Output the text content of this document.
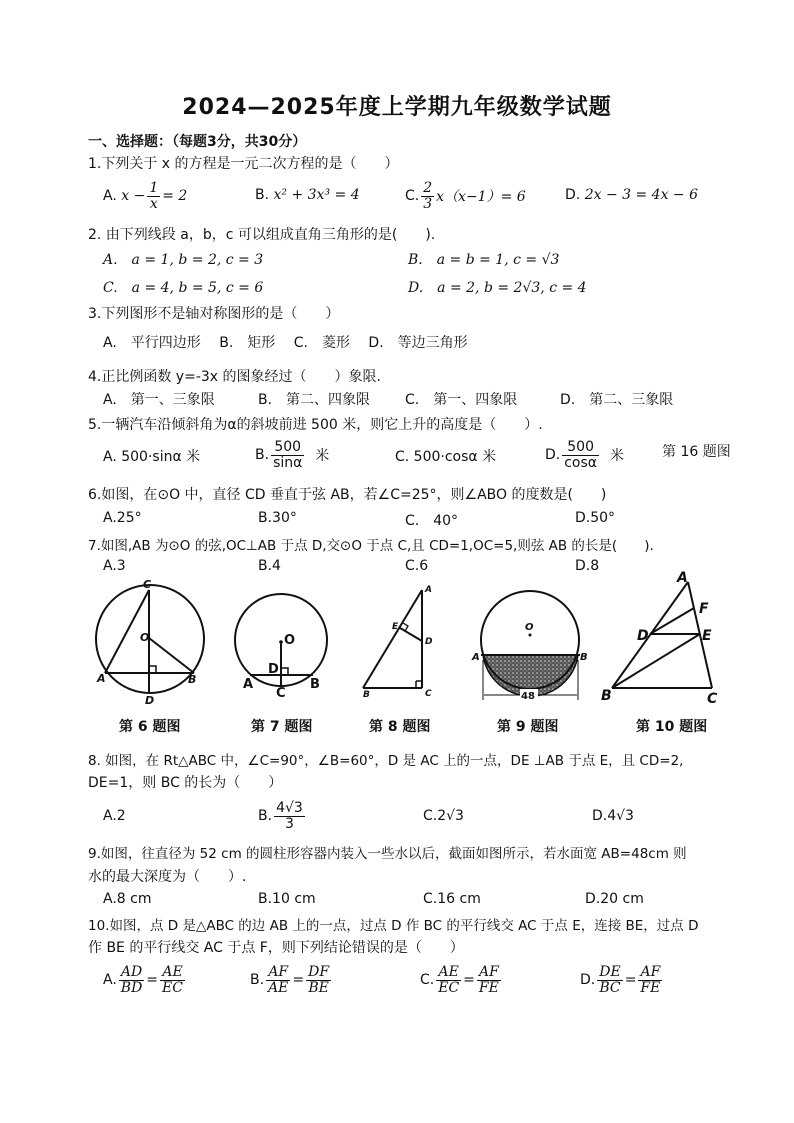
2024—2025年度上学期九年级数学试题
一、选择题：（每题3分，共30分）
1.下列关于 x 的方程是一元二次方程的是（　　）
A.
$x - \frac{1}{x} = 2$	B. x² + 3x³ = 4	C. $\frac{2}{3} x(x-1)= 6$	D. 2x − 3 = 4x − 6
2. 由下列线段 a，b，c 可以组成直角三角形的是(　　).
A.　a = 1, b = 2, c = 3	B.　a = b = 1, c = √3
C.　a = 4, b = 5, c = 6	D.　a = 2, b = 2√3, c = 4
3.下列图形不是轴对称图形的是（　　）
A.　平行四边形　 B.　矩形　 C.　菱形　 D.　等边三角形
4.正比例函数 y=-3x 的图象经过（　　）象限.
A.　第一、三象限	B.　第二、四象限 C.　第一、四象限	D.　第二、三象限
5.一辆汽车沿倾斜角为α的斜坡前进 500 米，则它上升的高度是（　　）.
A. 500·sinα 米	B. $\frac{500}{\sin\alpha}$
米	C. 500·cosα 米	D. $\frac{500}{\cos\alpha}$
米	第 16 题图
6.如图，在⊙O 中，直径 CD 垂直于弦 AB，若∠C=25°，则∠ABO 的度数是(　　)
A.25°	B.30°	C.　40°	D.50°
7.如图,AB 为⊙O 的弦,OC⊥AB 于点 D,交⊙O 于点 C,且 CD=1,OC=5,则弦 AB 的长是(　　).
A.3	B.4	C.6	D.8
C
O
A	B
D
O
D
A
C
B
A
E
D
B	C
O
A	B
48
A
F
D	E
B	C
第 6 题图	第 7 题图	第 8 题图	第 9 题图	第 10 题图
8. 如图，在 Rt△ABC 中，∠C=90°，∠B=60°，D 是 AC 上的一点，DE ⊥AB 于点 E，且 CD=2,
DE=1，则 BC 的长为（　　）
A.2	B. $\frac{4√3}{3}$	C.2√3	D.4√3
9.如图，往直径为 52 cm 的圆柱形容器内装入一些水以后，截面如图所示，若水面宽 AB=48cm 则
水的最大深度为（　　）.
A.8 cm	B.10 cm	C.16 cm	D.20 cm
10.如图，点 D 是△ABC 的边 AB 上的一点，过点 D 作 BC 的平行线交 AC 于点 E，连接 BE，过点 D
作 BE 的平行线交 AC 于点 F，则下列结论错误的是（　　）
A. $\frac{AD}{BD} = \frac{AE}{EC}$	B. $\frac{AF}{AE} = \frac{DF}{BE}$	C. $\frac{AE}{EC} = \frac{AF}{FE}$	D. $\frac{DE}{BC} = \frac{AF}{FE}$
